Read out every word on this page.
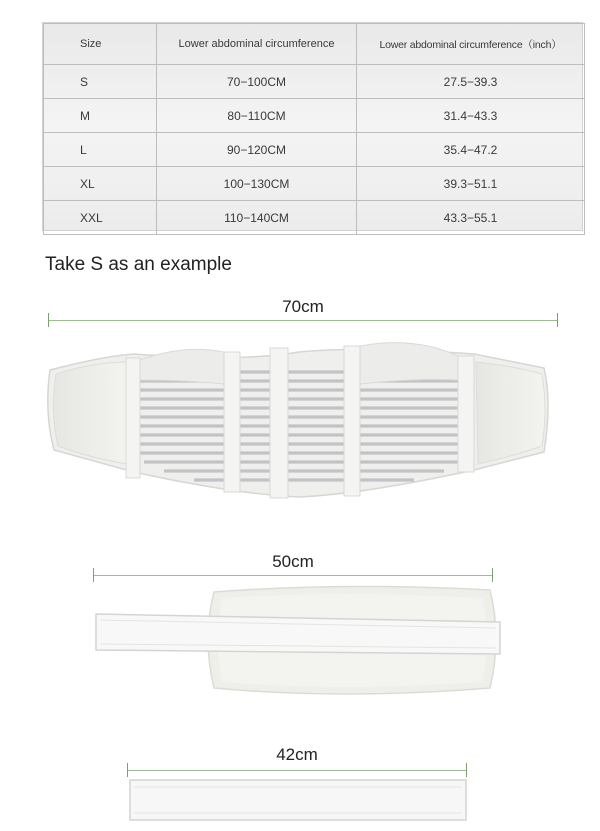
Size	Lower abdominal circumference	Lower abdominal circumference（inch）
S	70−100CM	27.5−39.3
M	80−110CM	31.4−43.3
L	90−120CM	35.4−47.2
XL	100−130CM	39.3−51.1
XXL	110−140CM	43.3−55.1
Take S as an example
70cm
50cm
42cm
